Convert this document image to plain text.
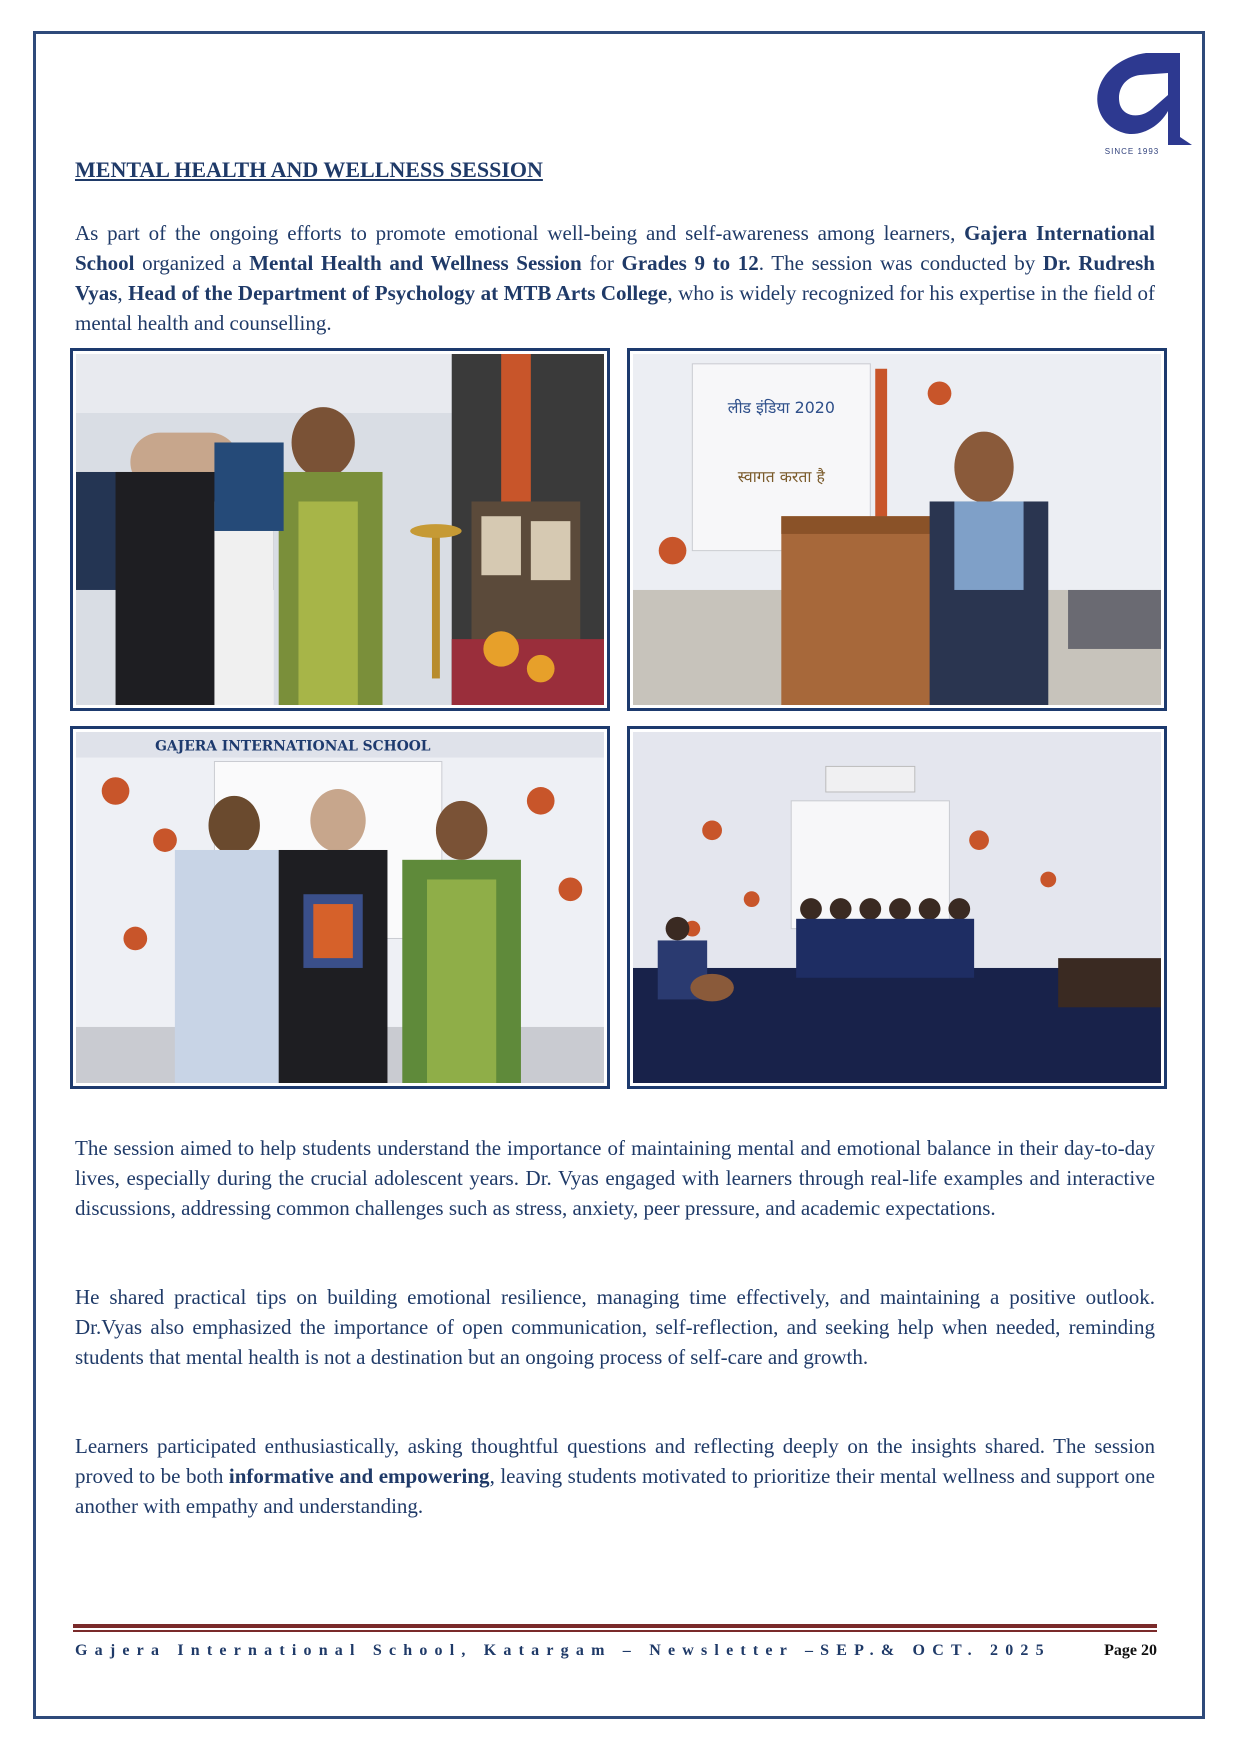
SINCE 1993
MENTAL HEALTH AND WELLNESS SESSION

As part of the ongoing efforts to promote emotional well-being and self-awareness among learners, Gajera International School organized a Mental Health and Wellness Session for Grades 9 to 12. The session was conducted by Dr. Rudresh Vyas, Head of the Department of Psychology at MTB Arts College, who is widely recognized for his expertise in the field of mental health and counselling.

लीड इंडिया 2020
स्वागत करता है
GAJERA INTERNATIONAL SCHOOL

The session aimed to help students understand the importance of maintaining mental and emotional balance in their day-to-day lives, especially during the crucial adolescent years. Dr. Vyas engaged with learners through real-life examples and interactive discussions, addressing common challenges such as stress, anxiety, peer pressure, and academic expectations.

He shared practical tips on building emotional resilience, managing time effectively, and maintaining a positive outlook. Dr.Vyas also emphasized the importance of open communication, self-reflection, and seeking help when needed, reminding students that mental health is not a destination but an ongoing process of self-care and growth.

Learners participated enthusiastically, asking thoughtful questions and reflecting deeply on the insights shared. The session proved to be both informative and empowering, leaving students motivated to prioritize their mental wellness and support one another with empathy and understanding.

Gajera International School, Katargam – Newsletter –SEP.& OCT. 2025	Page 20
